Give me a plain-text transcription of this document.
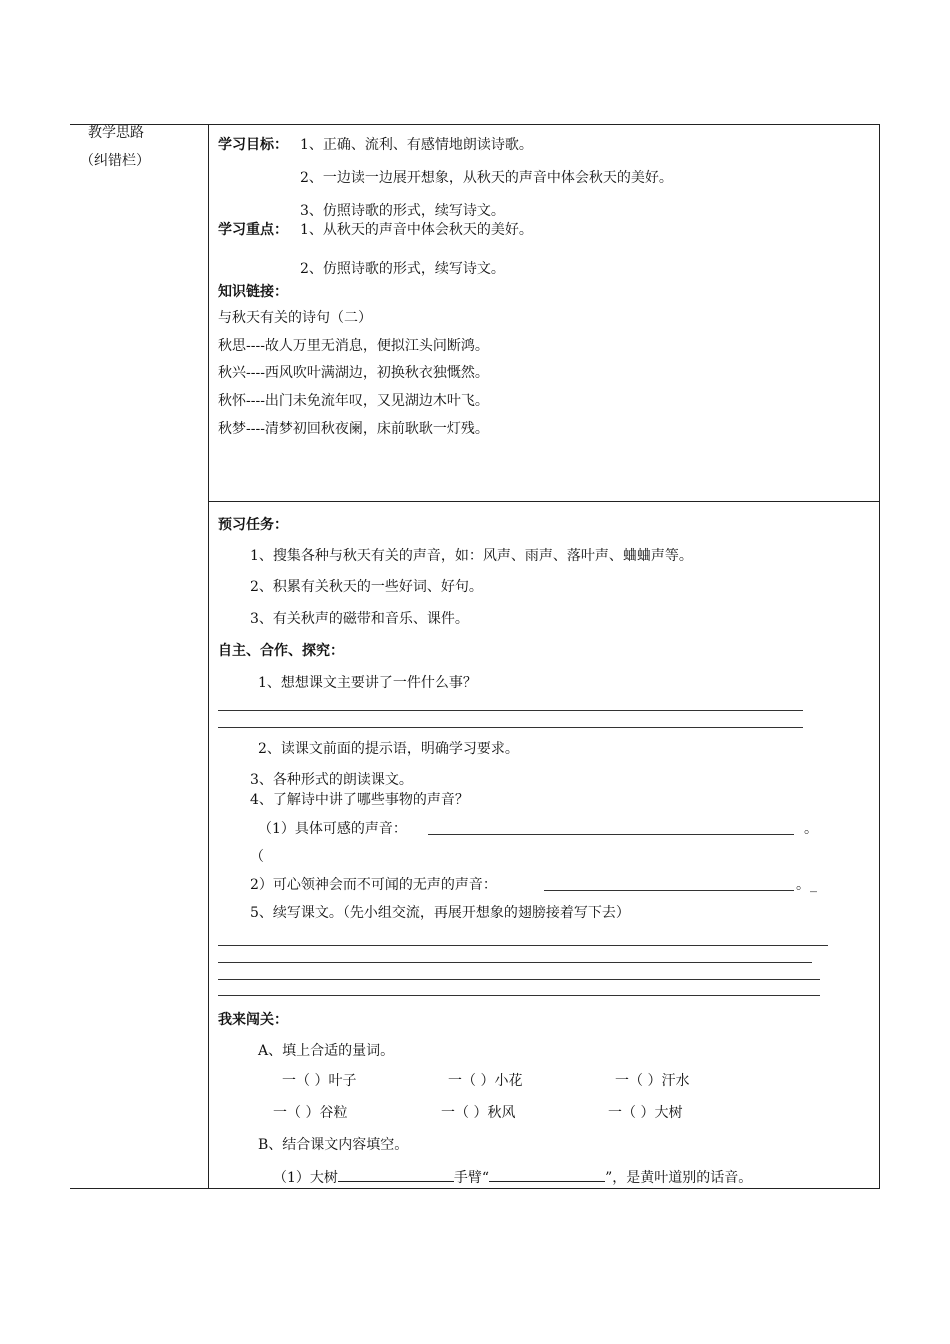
教学思路
（纠错栏）
学习目标： 1、正确、流利、有感情地朗读诗歌。
2、一边读一边展开想象，从秋天的声音中体会秋天的美好。
3、仿照诗歌的形式，续写诗文。
学习重点： 1、从秋天的声音中体会秋天的美好。
2、仿照诗歌的形式，续写诗文。
知识链接：
与秋天有关的诗句（二）
秋思----故人万里无消息，便拟江头问断鸿。
秋兴----西风吹叶满湖边，初换秋衣独慨然。
秋怀----出门未免流年叹，又见湖边木叶飞。
秋梦----清梦初回秋夜阑，床前耿耿一灯残。
预习任务：
1、搜集各种与秋天有关的声音，如：风声、雨声、落叶声、蛐蛐声等。
2、积累有关秋天的一些好词、好句。
3、有关秋声的磁带和音乐、课件。
自主、合作、探究：
1、想想课文主要讲了一件什么事？
2、读课文前面的提示语，明确学习要求。
3、各种形式的朗读课文。
4、了解诗中讲了哪些事物的声音？
（1）具体可感的声音：	。
（
2）可心领神会而不可闻的无声的声音：	。_
5、续写课文。（先小组交流，再展开想象的翅膀接着写下去）
我来闯关：
A、填上合适的量词。
一（ ）叶子	一（ ）小花	一（ ）汗水
一（ ）谷粒	一（ ）秋风	一（ ）大树
B、结合课文内容填空。
（1）大树	手臂“	”，是黄叶道别的话音。
